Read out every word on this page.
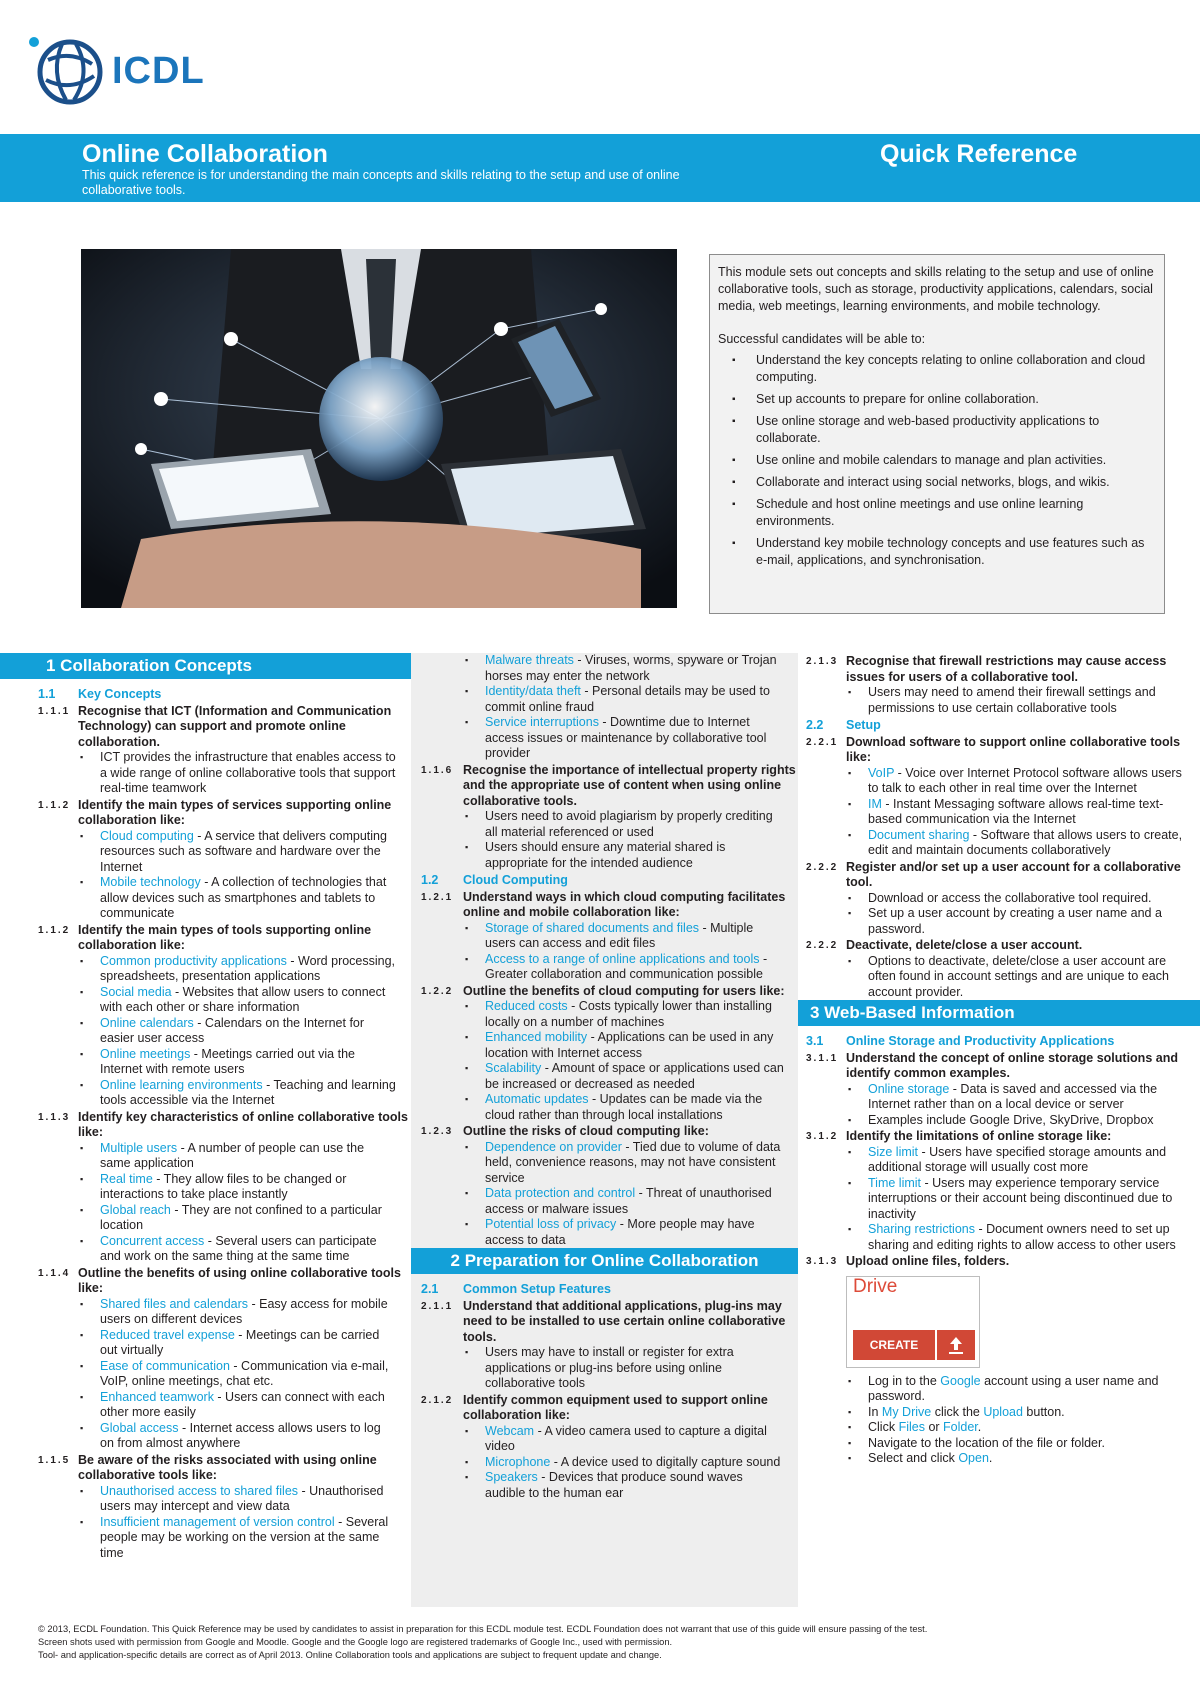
ICDL
Online Collaboration
This quick reference is for understanding the main concepts and skills relating to the setup and use of online collaborative tools.
Quick Reference

This module sets out concepts and skills relating to the setup and use of online collaborative tools, such as storage, productivity applications, calendars, social media, web meetings, learning environments, and mobile technology.

Successful candidates will be able to:

▪ Understand the key concepts relating to online collaboration and cloud computing.
▪ Set up accounts to prepare for online collaboration.
▪ Use online storage and web-based productivity applications to collaborate.
▪ Use online and mobile calendars to manage and plan activities.
▪ Collaborate and interact using social networks, blogs, and wikis.
▪ Schedule and host online meetings and use online learning environments.
▪ Understand key mobile technology concepts and use features such as e-mail, applications, and synchronisation.
1 Collaboration Concepts
1.1	Key Concepts
1.1.1 Recognise that ICT (Information and Communication Technology) can support and promote online collaboration.
▪ ICT provides the infrastructure that enables access to a wide range of online collaborative tools that support real-time teamwork
1.1.2 Identify the main types of services supporting online collaboration like:
▪ Cloud computing - A service that delivers computing resources such as software and hardware over the Internet
▪ Mobile technology - A collection of technologies that allow devices such as smartphones and tablets to communicate
1.1.2 Identify the main types of tools supporting online collaboration like:
▪ Common productivity applications - Word processing, spreadsheets, presentation applications
▪ Social media - Websites that allow users to connect with each other or share information
▪ Online calendars - Calendars on the Internet for easier user access
▪ Online meetings - Meetings carried out via the Internet with remote users
▪ Online learning environments - Teaching and learning tools accessible via the Internet
1.1.3 Identify key characteristics of online collaborative tools like:
▪ Multiple users - A number of people can use the same application
▪ Real time - They allow files to be changed or interactions to take place instantly
▪ Global reach - They are not confined to a particular location
▪ Concurrent access - Several users can participate and work on the same thing at the same time
1.1.4 Outline the benefits of using online collaborative tools like:
▪ Shared files and calendars - Easy access for mobile users on different devices
▪ Reduced travel expense - Meetings can be carried out virtually
▪ Ease of communication - Communication via e-mail, VoIP, online meetings, chat etc.
▪ Enhanced teamwork - Users can connect with each other more easily
▪ Global access - Internet access allows users to log on from almost anywhere
1.1.5 Be aware of the risks associated with using online collaborative tools like:
▪ Unauthorised access to shared files - Unauthorised users may intercept and view data
▪ Insufficient management of version control - Several people may be working on the version at the same time
▪ Malware threats - Viruses, worms, spyware or Trojan horses may enter the network
▪ Identity/data theft - Personal details may be used to commit online fraud
▪ Service interruptions - Downtime due to Internet access issues or maintenance by collaborative tool provider
1.1.6 Recognise the importance of intellectual property rights and the appropriate use of content when using online collaborative tools.
▪ Users need to avoid plagiarism by properly crediting all material referenced or used
▪ Users should ensure any material shared is appropriate for the intended audience
1.2	Cloud Computing
1.2.1 Understand ways in which cloud computing facilitates online and mobile collaboration like:
▪ Storage of shared documents and files - Multiple users can access and edit files
▪ Access to a range of online applications and tools - Greater collaboration and communication possible
1.2.2 Outline the benefits of cloud computing for users like:
▪ Reduced costs - Costs typically lower than installing locally on a number of machines
▪ Enhanced mobility - Applications can be used in any location with Internet access
▪ Scalability - Amount of space or applications used can be increased or decreased as needed
▪ Automatic updates - Updates can be made via the cloud rather than through local installations
1.2.3 Outline the risks of cloud computing like:
▪ Dependence on provider - Tied due to volume of data held, convenience reasons, may not have consistent service
▪ Data protection and control - Threat of unauthorised access or malware issues
▪ Potential loss of privacy - More people may have access to data
2 Preparation for Online Collaboration
2.1	Common Setup Features
2.1.1 Understand that additional applications, plug-ins may need to be installed to use certain online collaborative tools.
▪ Users may have to install or register for extra applications or plug-ins before using online collaborative tools
2.1.2 Identify common equipment used to support online collaboration like:
▪ Webcam - A video camera used to capture a digital video
▪ Microphone - A device used to digitally capture sound
▪ Speakers - Devices that produce sound waves audible to the human ear
2.1.3 Recognise that firewall restrictions may cause access issues for users of a collaborative tool.
▪ Users may need to amend their firewall settings and permissions to use certain collaborative tools
2.2	Setup
2.2.1 Download software to support online collaborative tools like:
▪ VoIP - Voice over Internet Protocol software allows users to talk to each other in real time over the Internet
▪ IM - Instant Messaging software allows real-time text-based communication via the Internet
▪ Document sharing - Software that allows users to create, edit and maintain documents collaboratively
2.2.2 Register and/or set up a user account for a collaborative tool.
▪ Download or access the collaborative tool required.
▪ Set up a user account by creating a user name and a password.
2.2.2 Deactivate, delete/close a user account.
▪ Options to deactivate, delete/close a user account are often found in account settings and are unique to each account provider.
3 Web-Based Information
3.1	Online Storage and Productivity Applications
3.1.1 Understand the concept of online storage solutions and identify common examples.
▪ Online storage - Data is saved and accessed via the Internet rather than on a local device or server
▪ Examples include Google Drive, SkyDrive, Dropbox
3.1.2 Identify the limitations of online storage like:
▪ Size limit - Users have specified storage amounts and additional storage will usually cost more
▪ Time limit - Users may experience temporary service interruptions or their account being discontinued due to inactivity
▪ Sharing restrictions - Document owners need to set up sharing and editing rights to allow access to other users
3.1.3 Upload online files, folders.
Drive
CREATE
▪ Log in to the Google account using a user name and password.
▪ In My Drive click the Upload button.
▪ Click Files or Folder.
▪ Navigate to the location of the file or folder.
▪ Select and click Open.
© 2013, ECDL Foundation. This Quick Reference may be used by candidates to assist in preparation for this ECDL module test. ECDL Foundation does not warrant that use of this guide will ensure passing of the test.
Screen shots used with permission from Google and Moodle. Google and the Google logo are registered trademarks of Google Inc., used with permission.
Tool- and application-specific details are correct as of April 2013. Online Collaboration tools and applications are subject to frequent update and change.
